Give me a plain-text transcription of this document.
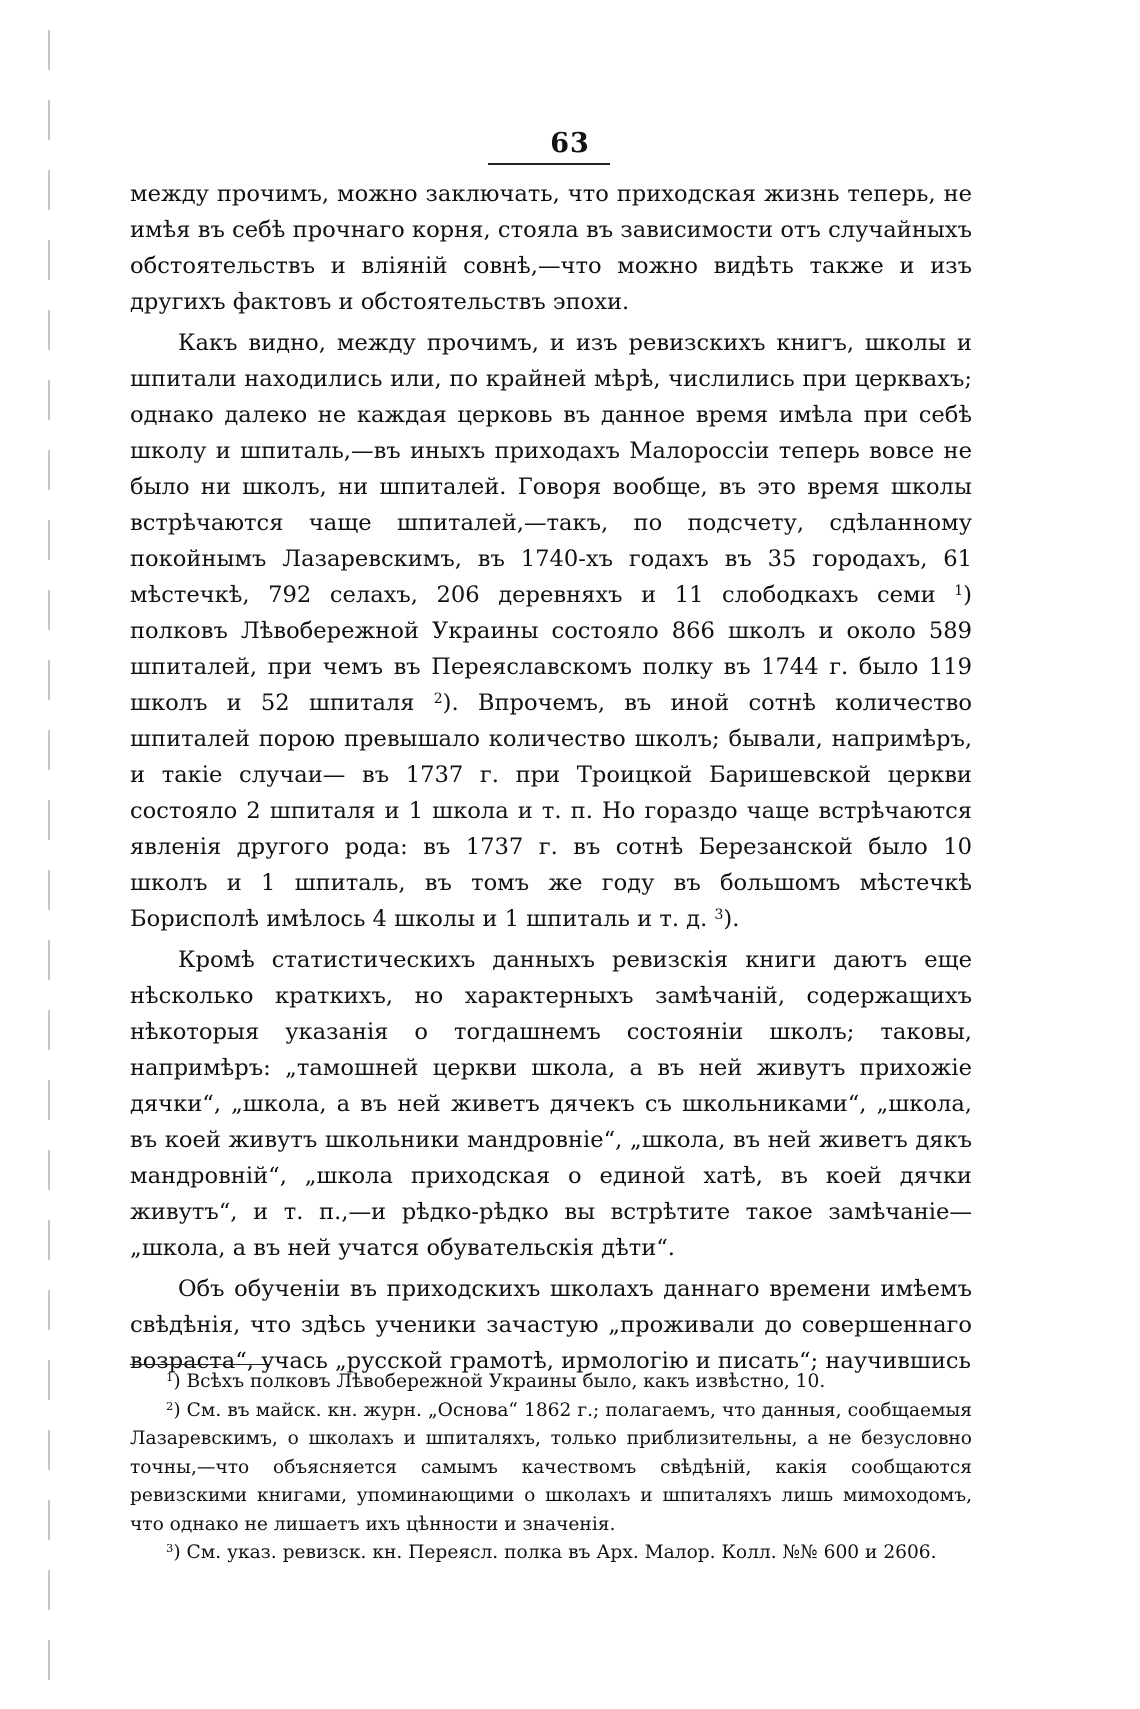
63

между прочимъ, можно заключать, что приходская жизнь теперь, не имѣя въ себѣ прочнаго корня, стояла въ зависимости отъ случайныхъ обстоятельствъ и вліяній совнѣ,—что можно видѣть также и изъ другихъ фактовъ и обстоятельствъ эпохи.

Какъ видно, между прочимъ, и изъ ревизскихъ книгъ, школы и шпитали находились или, по крайней мѣрѣ, числились при церквахъ; однако далеко не каждая церковь въ данное время имѣла при себѣ школу и шпиталь,—въ иныхъ приходахъ Малороссіи теперь вовсе не было ни школъ, ни шпиталей. Говоря вообще, въ это время школы встрѣчаются чаще шпиталей,—такъ, по подсчету, сдѣланному покойнымъ Лазаревскимъ, въ 1740-хъ годахъ въ 35 городахъ, 61 мѣстечкѣ, 792 селахъ, 206 деревняхъ и 11 слободкахъ семи $^1$) полковъ Лѣвобережной Украины состояло 866 школъ и около 589 шпиталей, при чемъ въ Переяславскомъ полку въ 1744 г. было 119 школъ и 52 шпиталя $^2$). Впрочемъ, въ иной сотнѣ количество шпиталей порою превышало количество школъ; бывали, напримѣръ, и такіе случаи— въ 1737 г. при Троицкой Баришевской церкви состояло 2 шпиталя и 1 школа и т. п. Но гораздо чаще встрѣчаются явленія другого рода: въ 1737 г. въ сотнѣ Березанской было 10 школъ и 1 шпиталь, въ томъ же году въ большомъ мѣстечкѣ Борисполѣ имѣлось 4 школы и 1 шпиталь и т. д. $^3$).

Кромѣ статистическихъ данныхъ ревизскія книги даютъ еще нѣсколько краткихъ, но характерныхъ замѣчаній, содержащихъ нѣкоторыя указанія о тогдашнемъ состояніи школъ; таковы, напримѣръ: „тамошней церкви школа, а въ ней живутъ прихожіе дячки“, „школа, а въ ней живетъ дячекъ съ школьниками“, „школа, въ коей живутъ школьники мандровніе“, „школа, въ ней живетъ дякъ мандровній“, „школа приходская о единой хатѣ, въ коей дячки живутъ“, и т. п.,—и рѣдко-рѣдко вы встрѣтите такое замѣчаніе—„школа, а въ ней учатся обувательскія дѣти“.

Объ обученіи въ приходскихъ школахъ даннаго времени имѣемъ свѣдѣнія, что здѣсь ученики зачастую „проживали до совершеннаго возраста“, учась „русской грамотѣ, ирмологію и писать“; научившись

$^1$) Всѣхъ полковъ Лѣвобережной Украины было, какъ извѣстно, 10.

$^2$) См. въ майск. кн. журн. „Основа“ 1862 г.; полагаемъ, что данныя, сообщаемыя Лазаревскимъ, о школахъ и шпиталяхъ, только приблизительны, а не безусловно точны,—что объясняется самымъ качествомъ свѣдѣній, какія сообщаются ревизскими книгами, упоминающими о школахъ и шпиталяхъ лишь мимоходомъ, что однако не лишаетъ ихъ цѣнности и значенія.

$^3$) См. указ. ревизск. кн. Перeясл. полка въ Арх. Малор. Колл. №№ 600 и 2606.
